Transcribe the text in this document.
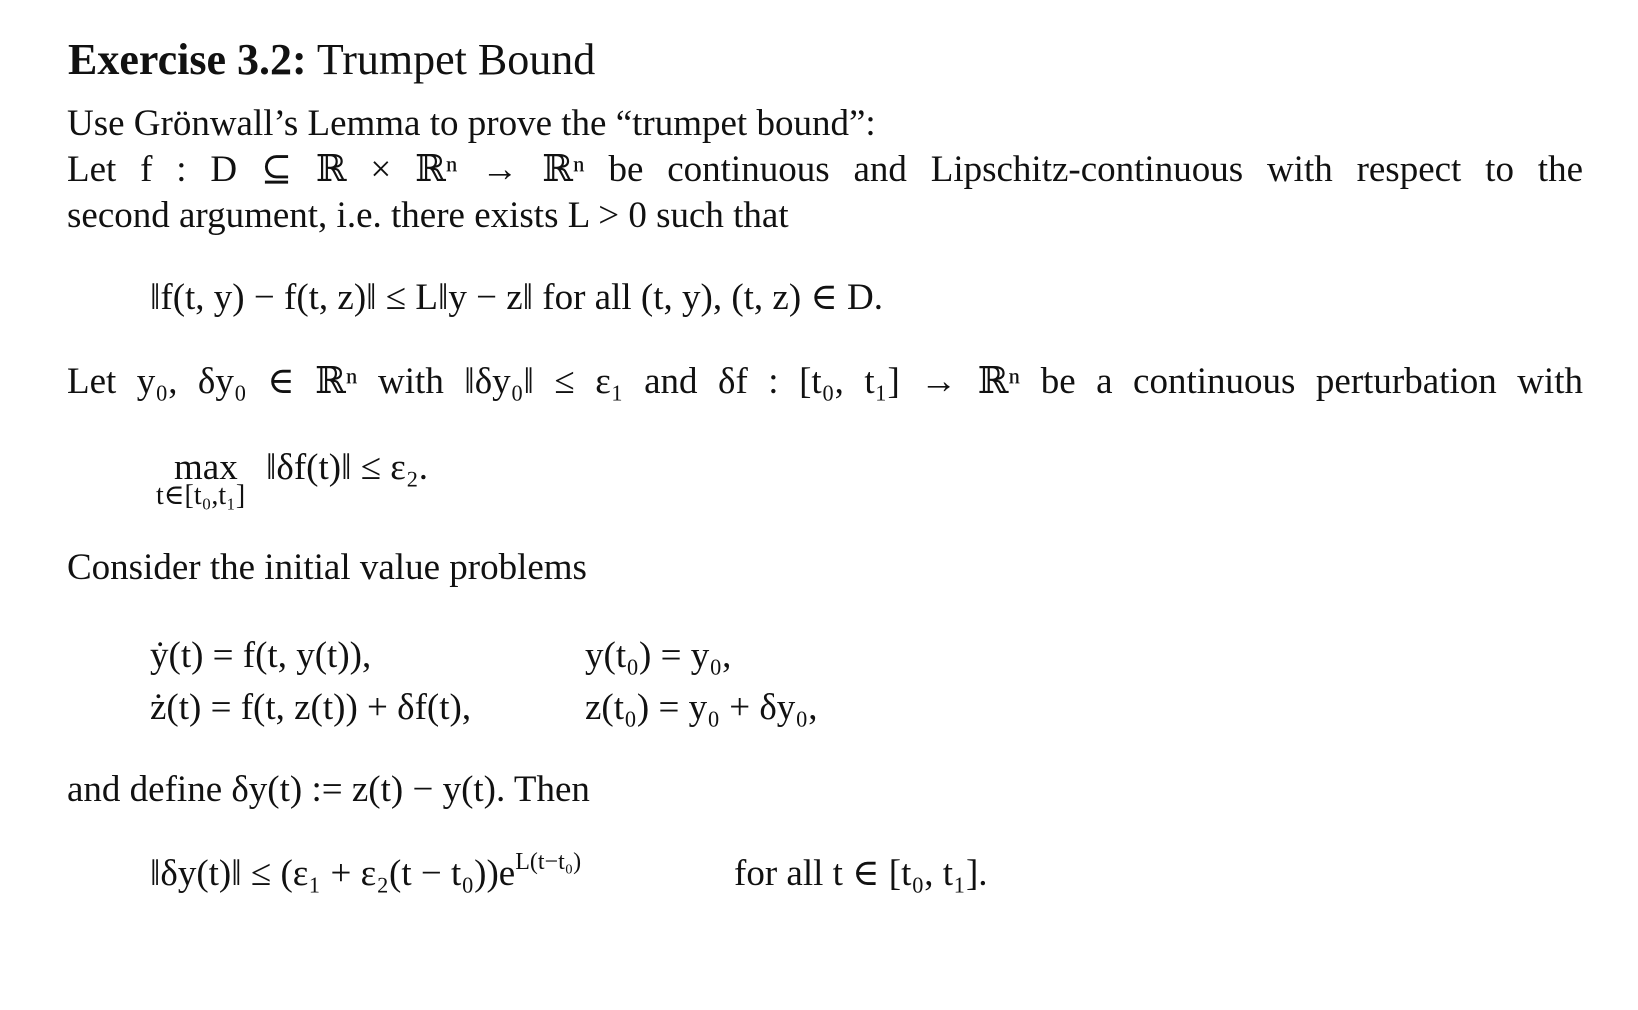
Exercise 3.2: Trumpet Bound
Use Grönwall’s Lemma to prove the “trumpet bound”:
Let f : D ⊆ ℝ × ℝⁿ → ℝⁿ be continuous and Lipschitz-continuous with respect to the
second argument, i.e. there exists L > 0 such that
‖f(t, y) − f(t, z)‖ ≤ L‖y − z‖ for all (t, y), (t, z) ∈ D.
Let y₀, δy₀ ∈ ℝⁿ with ‖δy₀‖ ≤ ε₁ and δf : [t₀, t₁] → ℝⁿ be a continuous perturbation with
max
t∈[t₀,t₁]
‖δf(t)‖ ≤ ε₂.
Consider the initial value problems
ẏ(t) = f(t, y(t)),	y(t₀) = y₀,
ż(t) = f(t, z(t)) + δf(t),	z(t₀) = y₀ + δy₀,
and define δy(t) := z(t) − y(t). Then
‖δy(t)‖ ≤ $(\varepsilon_1 + \varepsilon_2(t - t_0))e^{L(t-t_0)}$	for all t ∈ [t₀, t₁].
